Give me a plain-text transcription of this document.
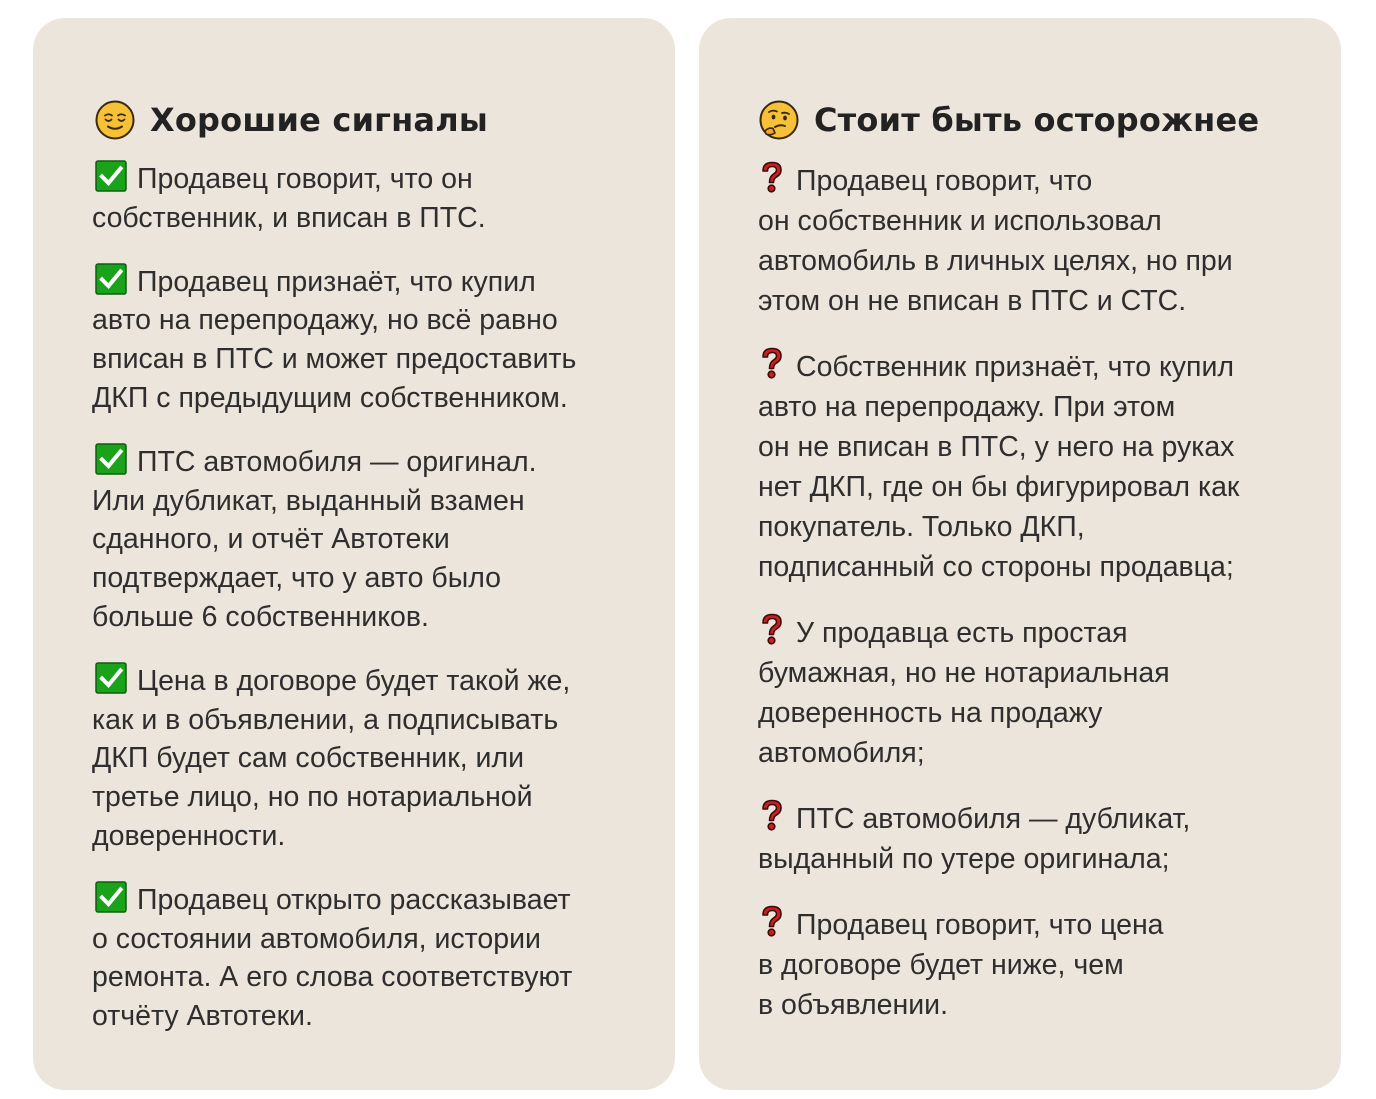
Хорошие сигналы
Продавец говорит, что он
собственник, и вписан в ПТС.
Продавец признаёт, что купил
авто на перепродажу, но всё равно
вписан в ПТС и может предоставить
ДКП с предыдущим собственником.
ПТС автомобиля — оригинал.
Или дубликат, выданный взамен
сданного, и отчёт Автотеки
подтверждает, что у авто было
больше 6 собственников.
Цена в договоре будет такой же,
как и в объявлении, а подписывать
ДКП будет сам собственник, или
третье лицо, но по нотариальной
доверенности.
Продавец открыто рассказывает
о состоянии автомобиля, истории
ремонта. А его слова соответствуют
отчёту Автотеки.
Стоит быть осторожнее
Продавец говорит, что
он собственник и использовал
автомобиль в личных целях, но при
этом он не вписан в ПТС и СТС.
Собственник признаёт, что купил
авто на перепродажу. При этом
он не вписан в ПТС, у него на руках
нет ДКП, где он бы фигурировал как
покупатель. Только ДКП,
подписанный со стороны продавца;
У продавца есть простая
бумажная, но не нотариальная
доверенность на продажу
автомобиля;
ПТС автомобиля — дубликат,
выданный по утере оригинала;
Продавец говорит, что цена
в договоре будет ниже, чем
в объявлении.
